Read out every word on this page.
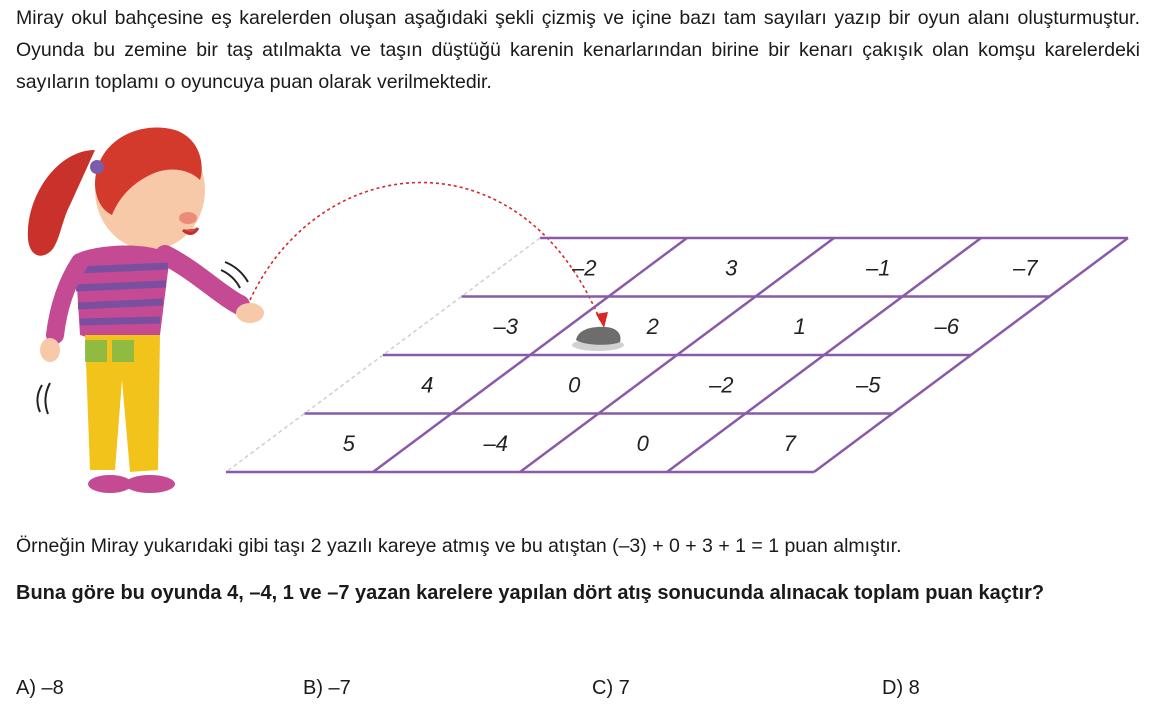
Miray okul bahçesine eş karelerden oluşan aşağıdaki şekli çizmiş ve içine bazı tam sayıları yazıp bir oyun alanı oluşturmuştur. Oyunda bu zemine bir taş atılmakta ve taşın düştüğü karenin kenarlarından birine bir kenarı çakışık olan komşu karelerdeki sayıların toplamı o oyuncuya puan olarak verilmektedir.
–2	3	–1	–7
–3	2	1	–6
4	0	–2	–5
5	–4	0	7
Örneğin Miray yukarıdaki gibi taşı 2 yazılı kareye atmış ve bu atıştan (–3) + 0 + 3 + 1 = 1 puan almıştır.
Buna göre bu oyunda 4, –4, 1 ve –7 yazan karelere yapılan dört atış sonucunda alınacak toplam puan kaçtır?
A) –8	B) –7	C) 7	D) 8
